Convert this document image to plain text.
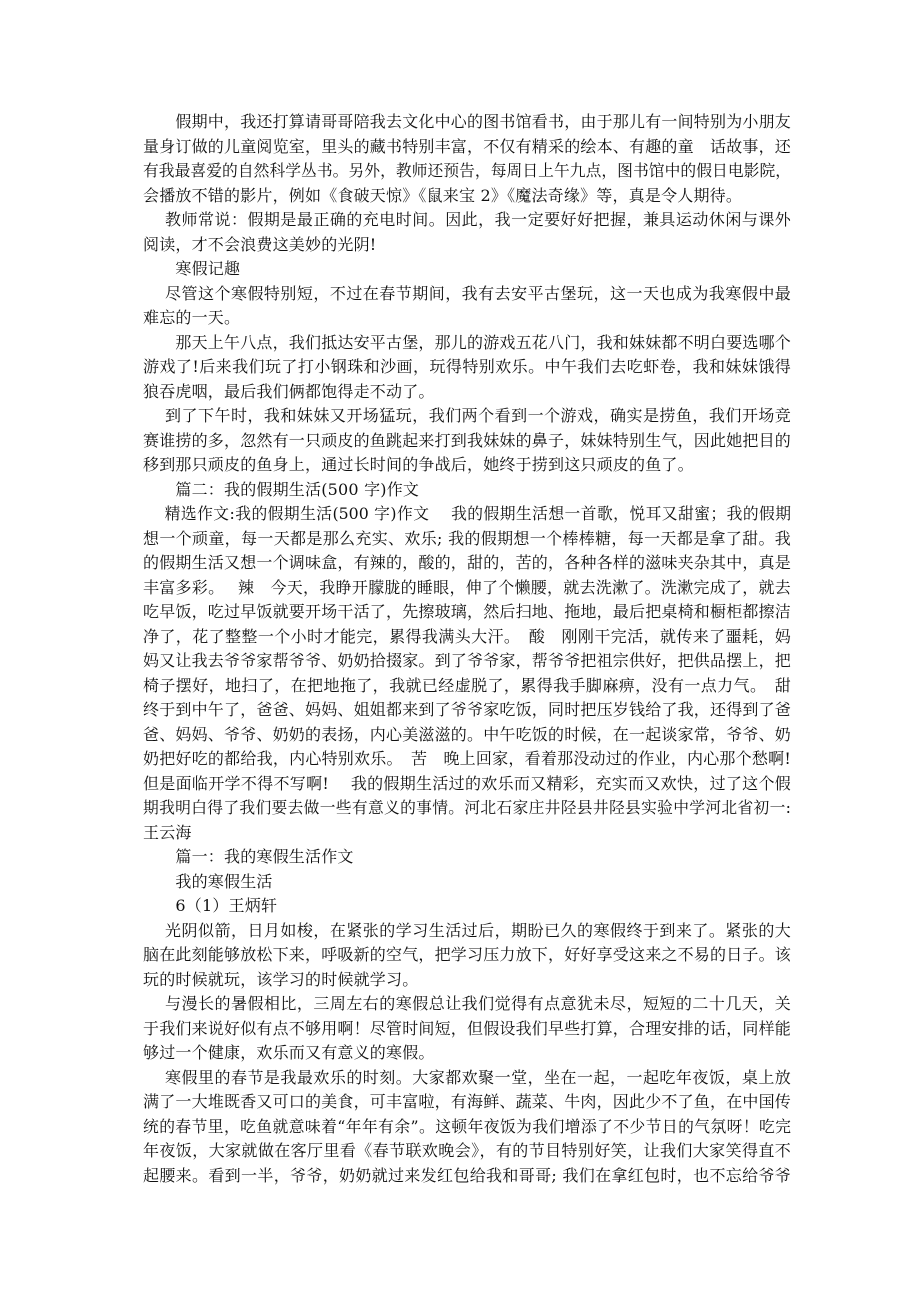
　　假期中，我还打算请哥哥陪我去文化中心的图书馆看书，由于那儿有一间特别为小朋友
量身订做的儿童阅览室，里头的藏书特别丰富，不仅有精采的绘本、有趣的童　话故事，还
有我最喜爱的自然科学丛书。另外，教师还预告，每周日上午九点，图书馆中的假日电影院，
会播放不错的影片，例如《食破天惊》《鼠来宝 2》《魔法奇缘》等，真是令人期待。
　 教师常说：假期是最正确的充电时间。因此，我一定要好好把握，兼具运动休闲与课外
阅读，才不会浪费这美妙的光阴!
　　寒假记趣
　 尽管这个寒假特别短，不过在春节期间，我有去安平古堡玩，这一天也成为我寒假中最
难忘的一天。
　　那天上午八点，我们抵达安平古堡，那儿的游戏五花八门，我和妹妹都不明白要选哪个
游戏了!后来我们玩了打小钢珠和沙画，玩得特别欢乐。中午我们去吃虾卷，我和妹妹饿得
狼吞虎咽，最后我们俩都饱得走不动了。
　 到了下午时，我和妹妹又开场猛玩，我们两个看到一个游戏，确实是捞鱼，我们开场竞
赛谁捞的多，忽然有一只顽皮的鱼跳起来打到我妹妹的鼻子，妹妹特别生气，因此她把目的
移到那只顽皮的鱼身上，通过长时间的争战后，她终于捞到这只顽皮的鱼了。
　　篇二：我的假期生活(500 字)作文
　 精选作文:我的假期生活(500 字)作文　 我的假期生活想一首歌，悦耳又甜蜜；我的假期
想一个顽童，每一天都是那么充实、欢乐; 我的假期想一个棒棒糖，每一天都是拿了甜。我
的假期生活又想一个调味盒，有辣的，酸的，甜的，苦的，各种各样的滋味夹杂其中，真是
丰富多彩。　 辣　今天，我睁开朦胧的睡眼，伸了个懒腰，就去洗漱了。洗漱完成了，就去
吃早饭，吃过早饭就要开场干活了，先擦玻璃，然后扫地、拖地，最后把桌椅和橱柜都擦洁
净了，花了整整一个小时才能完，累得我满头大汗。　酸　刚刚干完活，就传来了噩耗，妈
妈又让我去爷爷家帮爷爷、奶奶拾掇家。到了爷爷家，帮爷爷把祖宗供好，把供品摆上，把
椅子摆好，地扫了，在把地拖了，我就已经虚脱了，累得我手脚麻痹，没有一点力气。　甜
终于到中午了，爸爸、妈妈、姐姐都来到了爷爷家吃饭，同时把压岁钱给了我，还得到了爸
爸、妈妈、爷爷、奶奶的表扬，内心美滋滋的。中午吃饭的时候，在一起谈家常，爷爷、奶
奶把好吃的都给我，内心特别欢乐。　苦　晚上回家，看着那没动过的作业，内心那个愁啊!
但是面临开学不得不写啊!　 我的假期生活过的欢乐而又精彩，充实而又欢快，过了这个假
期我明白得了我们要去做一些有意义的事情。河北石家庄井陉县井陉县实验中学河北省初一:
王云海
　　篇一：我的寒假生活作文
　　我的寒假生活
　　6（1）王炳轩
　 光阴似箭，日月如梭，在紧张的学习生活过后，期盼已久的寒假终于到来了。紧张的大
脑在此刻能够放松下来，呼吸新的空气，把学习压力放下，好好享受这来之不易的日子。该
玩的时候就玩，该学习的时候就学习。
　 与漫长的暑假相比，三周左右的寒假总让我们觉得有点意犹未尽，短短的二十几天，关
于我们来说好似有点不够用啊！尽管时间短，但假设我们早些打算，合理安排的话，同样能
够过一个健康，欢乐而又有意义的寒假。
　 寒假里的春节是我最欢乐的时刻。大家都欢聚一堂，坐在一起，一起吃年夜饭，桌上放
满了一大堆既香又可口的美食，可丰富啦，有海鲜、蔬菜、牛肉，因此少不了鱼，在中国传
统的春节里，吃鱼就意味着“年年有余”。这顿年夜饭为我们增添了不少节日的气氛呀！吃完
年夜饭，大家就做在客厅里看《春节联欢晚会》，有的节目特别好笑，让我们大家笑得直不
起腰来。看到一半，爷爷，奶奶就过来发红包给我和哥哥; 我们在拿红包时，也不忘给爷爷
